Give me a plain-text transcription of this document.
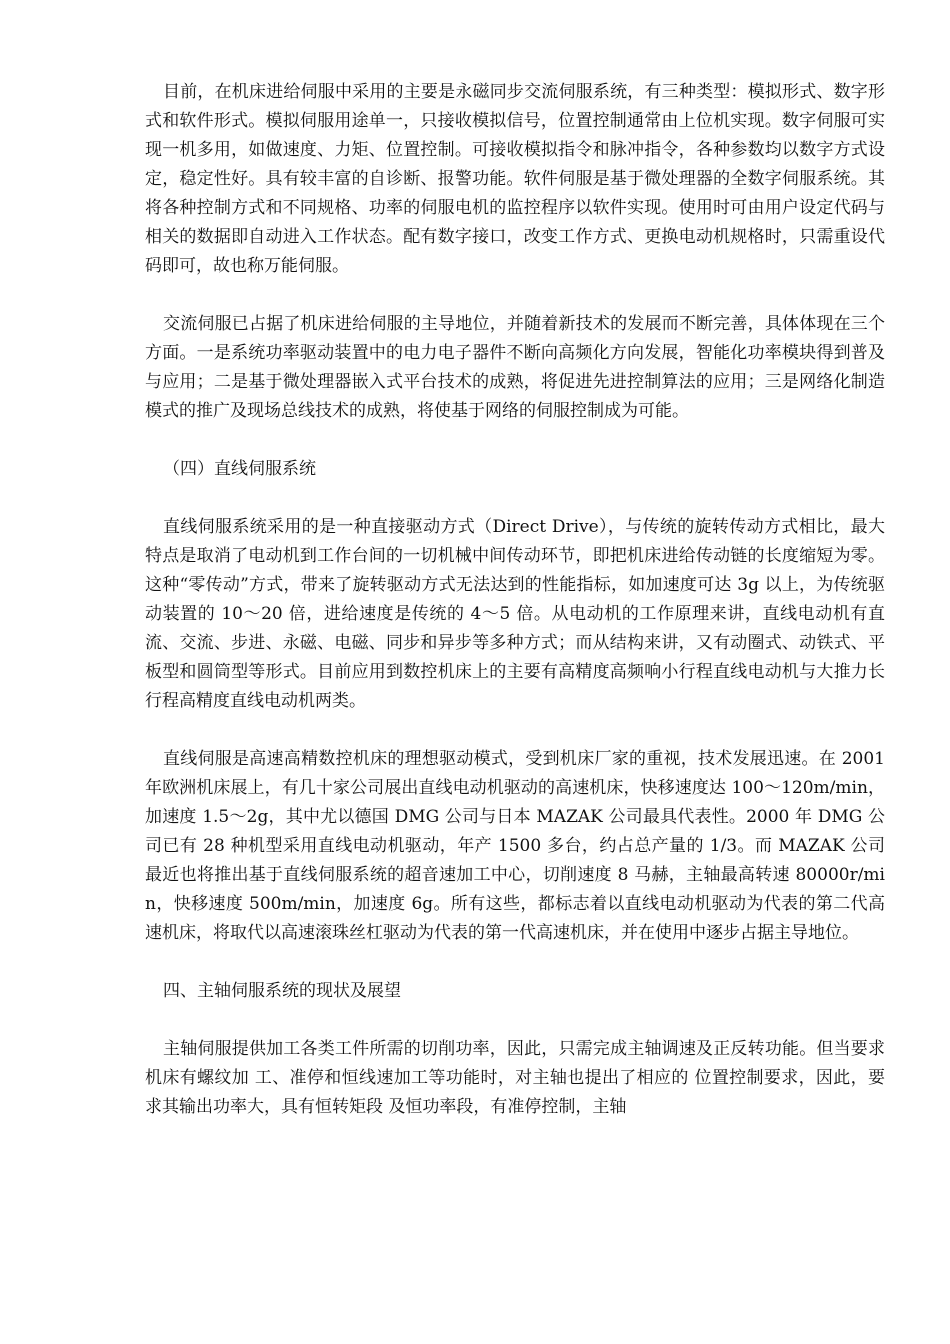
目前，在机床进给伺服中采用的主要是永磁同步交流伺服系统，有三种类型：模拟形式、数字形式和软件形式。模拟伺服用途单一，只接收模拟信号，位置控制通常由上位机实现。数字伺服可实现一机多用，如做速度、力矩、位置控制。可接收模拟指令和脉冲指令，各种参数均以数字方式设定，稳定性好。具有较丰富的自诊断、报警功能。软件伺服是基于微处理器的全数字伺服系统。其将各种控制方式和不同规格、功率的伺服电机的监控程序以软件实现。使用时可由用户设定代码与相关的数据即自动进入工作状态。配有数字接口，改变工作方式、更换电动机规格时，只需重设代码即可，故也称万能伺服。

交流伺服已占据了机床进给伺服的主导地位，并随着新技术的发展而不断完善，具体体现在三个方面。一是系统功率驱动装置中的电力电子器件不断向高频化方向发展，智能化功率模块得到普及与应用；二是基于微处理器嵌入式平台技术的成熟，将促进先进控制算法的应用；三是网络化制造模式的推广及现场总线技术的成熟，将使基于网络的伺服控制成为可能。

（四）直线伺服系统

直线伺服系统采用的是一种直接驱动方式（Direct Drive），与传统的旋转传动方式相比，最大特点是取消了电动机到工作台间的一切机械中间传动环节，即把机床进给传动链的长度缩短为零。这种“零传动”方式，带来了旋转驱动方式无法达到的性能指标，如加速度可达 3g 以上，为传统驱动装置的 10～20 倍，进给速度是传统的 4～5 倍。从电动机的工作原理来讲，直线电动机有直流、交流、步进、永磁、电磁、同步和异步等多种方式；而从结构来讲，又有动圈式、动铁式、平板型和圆筒型等形式。目前应用到数控机床上的主要有高精度高频响小行程直线电动机与大推力长行程高精度直线电动机两类。

直线伺服是高速高精数控机床的理想驱动模式，受到机床厂家的重视，技术发展迅速。在 2001 年欧洲机床展上，有几十家公司展出直线电动机驱动的高速机床，快移速度达 100～120m/min，加速度 1.5～2g，其中尤以德国 DMG 公司与日本 MAZAK 公司最具代表性。2000 年 DMG 公司已有 28 种机型采用直线电动机驱动，年产 1500 多台，约占总产量的 1/3。而 MAZAK 公司最近也将推出基于直线伺服系统的超音速加工中心，切削速度 8 马赫，主轴最高转速 80000r/min，快移速度 500m/min，加速度 6g。所有这些，都标志着以直线电动机驱动为代表的第二代高速机床，将取代以高速滚珠丝杠驱动为代表的第一代高速机床，并在使用中逐步占据主导地位。

四、主轴伺服系统的现状及展望

主轴伺服提供加工各类工件所需的切削功率，因此，只需完成主轴调速及正反转功能。但当要求机床有螺纹加 工、准停和恒线速加工等功能时，对主轴也提出了相应的 位置控制要求，因此，要求其输出功率大，具有恒转矩段 及恒功率段，有准停控制，主轴
